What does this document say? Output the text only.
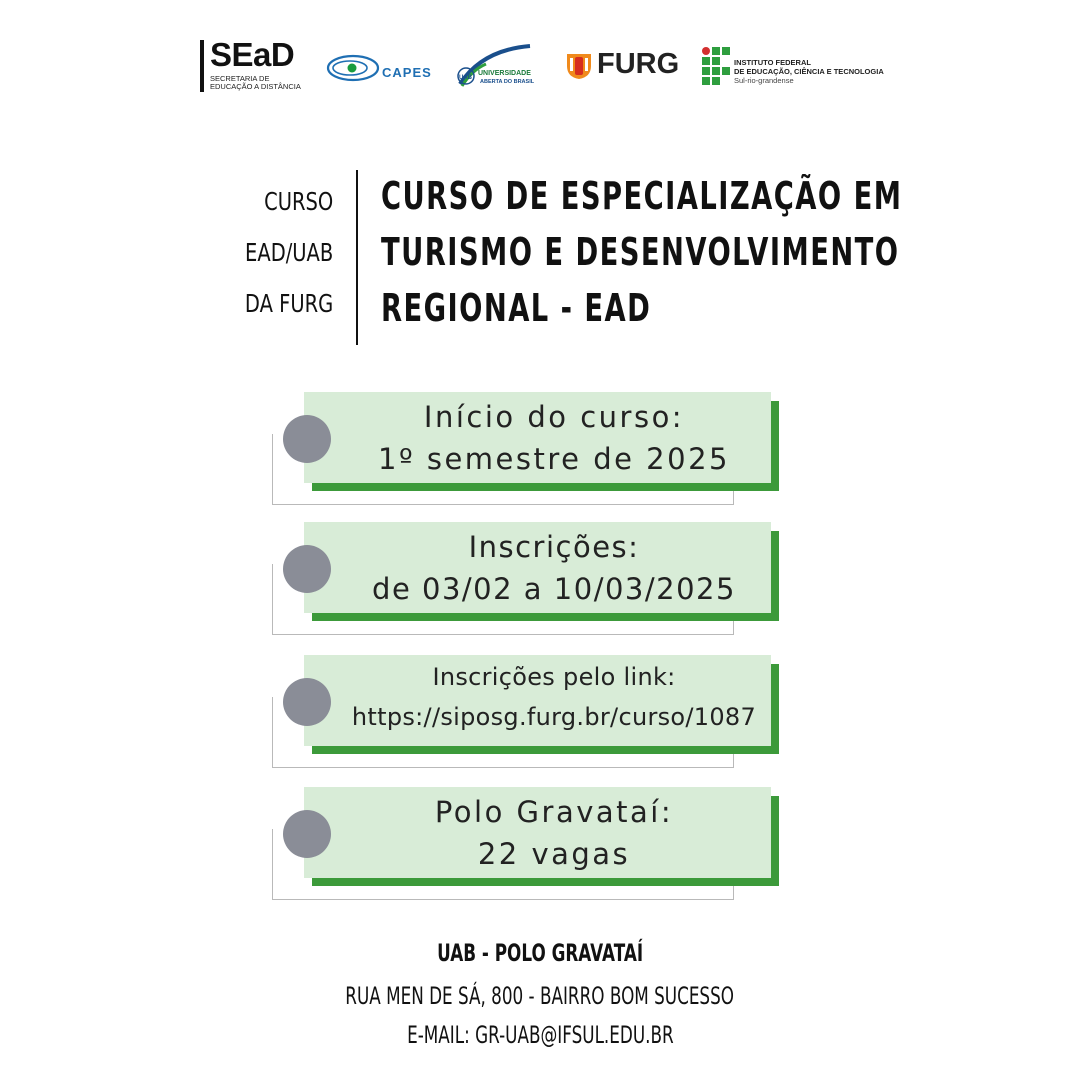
SEaD
SECRETARIA DE
EDUCAÇÃO A DISTÂNCIA
CAPES	UAB
UNIVERSIDADE
ABERTA DO BRASIL
FURG	INSTITUTO FEDERAL
DE EDUCAÇÃO, CIÊNCIA E TECNOLOGIA
Sul-rio-grandense
CURSO
EAD/UAB
DA FURG
CURSO DE ESPECIALIZAÇÃO EM
TURISMO E DESENVOLVIMENTO
REGIONAL - EAD
Início do curso:
1º semestre de 2025
Inscrições:
de 03/02 a 10/03/2025
Inscrições pelo link:
https://siposg.furg.br/curso/1087
Polo Gravataí:
22 vagas
UAB - POLO GRAVATAÍ
RUA MEN DE SÁ, 800 - BAIRRO BOM SUCESSO
E-MAIL: GR-UAB@IFSUL.EDU.BR
